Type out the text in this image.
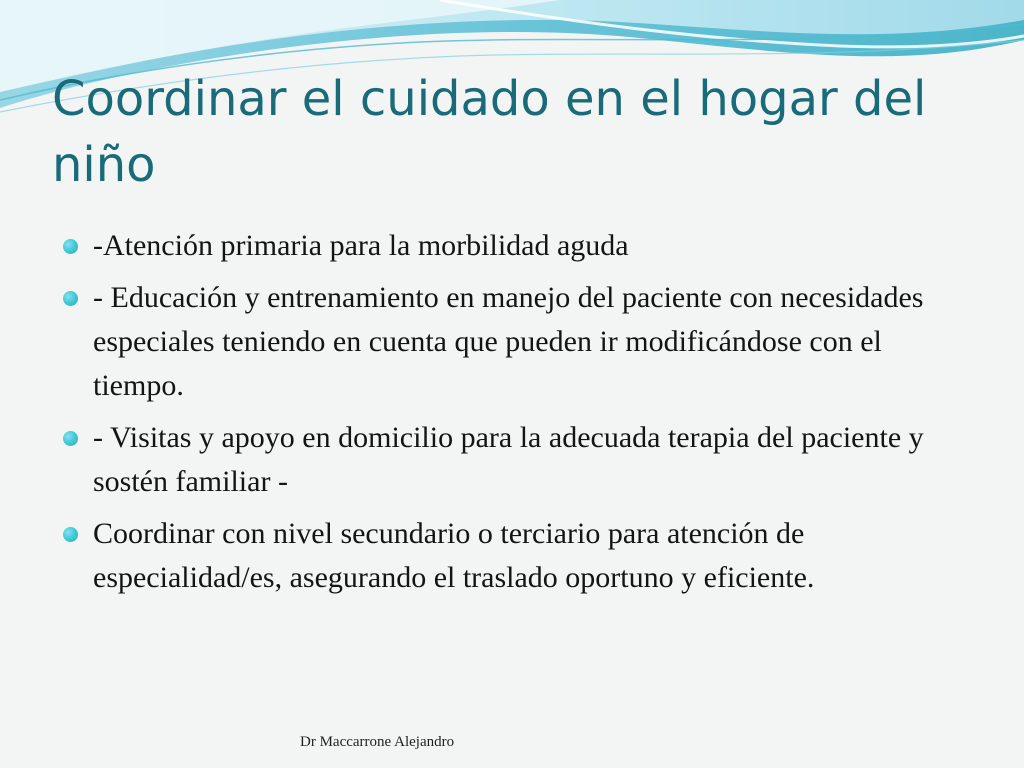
Coordinar el cuidado en el hogar del niño
-Atención primaria para la morbilidad aguda
- Educación y entrenamiento en manejo del paciente con necesidades especiales teniendo en cuenta que pueden ir modificándose con el tiempo.
- Visitas y apoyo en domicilio para la adecuada terapia del paciente y sostén familiar -
Coordinar con nivel secundario o terciario para atención de especialidad/es, asegurando el traslado oportuno y eficiente.
Dr Maccarrone Alejandro
